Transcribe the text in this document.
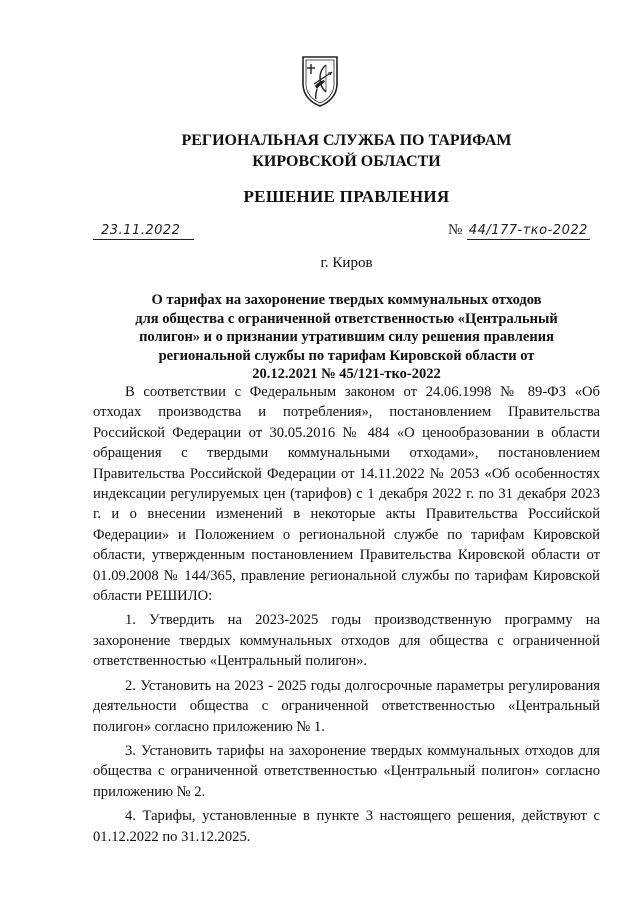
РЕГИОНАЛЬНАЯ СЛУЖБА ПО ТАРИФАМ
КИРОВСКОЙ ОБЛАСТИ
РЕШЕНИЕ ПРАВЛЕНИЯ
23.11.2022	№ 44/177-тко-2022
г. Киров
О тарифах на захоронение твердых коммунальных отходов
для общества с ограниченной ответственностью «Центральный
полигон» и о признании утратившим силу решения правления
региональной службы по тарифам Кировской области от
20.12.2021 № 45/121-тко-2022

В соответствии с Федеральным законом от 24.06.1998 № 89-ФЗ «Об отходах производства и потребления», постановлением Правительства Российской Федерации от 30.05.2016 № 484 «О ценообразовании в области обращения с твердыми коммунальными отходами», постановлением Правительства Российской Федерации от 14.11.2022 № 2053 «Об особенностях индексации регулируемых цен (тарифов) с 1 декабря 2022 г. по 31 декабря 2023 г. и о внесении изменений в некоторые акты Правительства Российской Федерации» и Положением о региональной службе по тарифам Кировской области, утвержденным постановлением Правительства Кировской области от 01.09.2008 № 144/365, правление региональной службы по тарифам Кировской области РЕШИЛО:

1. Утвердить на 2023-2025 годы производственную программу на захоронение твердых коммунальных отходов для общества с ограниченной ответственностью «Центральный полигон».

2. Установить на 2023 - 2025 годы долгосрочные параметры регулирования деятельности общества с ограниченной ответственностью «Центральный полигон» согласно приложению № 1.

3. Установить тарифы на захоронение твердых коммунальных отходов для общества с ограниченной ответственностью «Центральный полигон» согласно приложению № 2.

4. Тарифы, установленные в пункте 3 настоящего решения, действуют с 01.12.2022 по 31.12.2025.
